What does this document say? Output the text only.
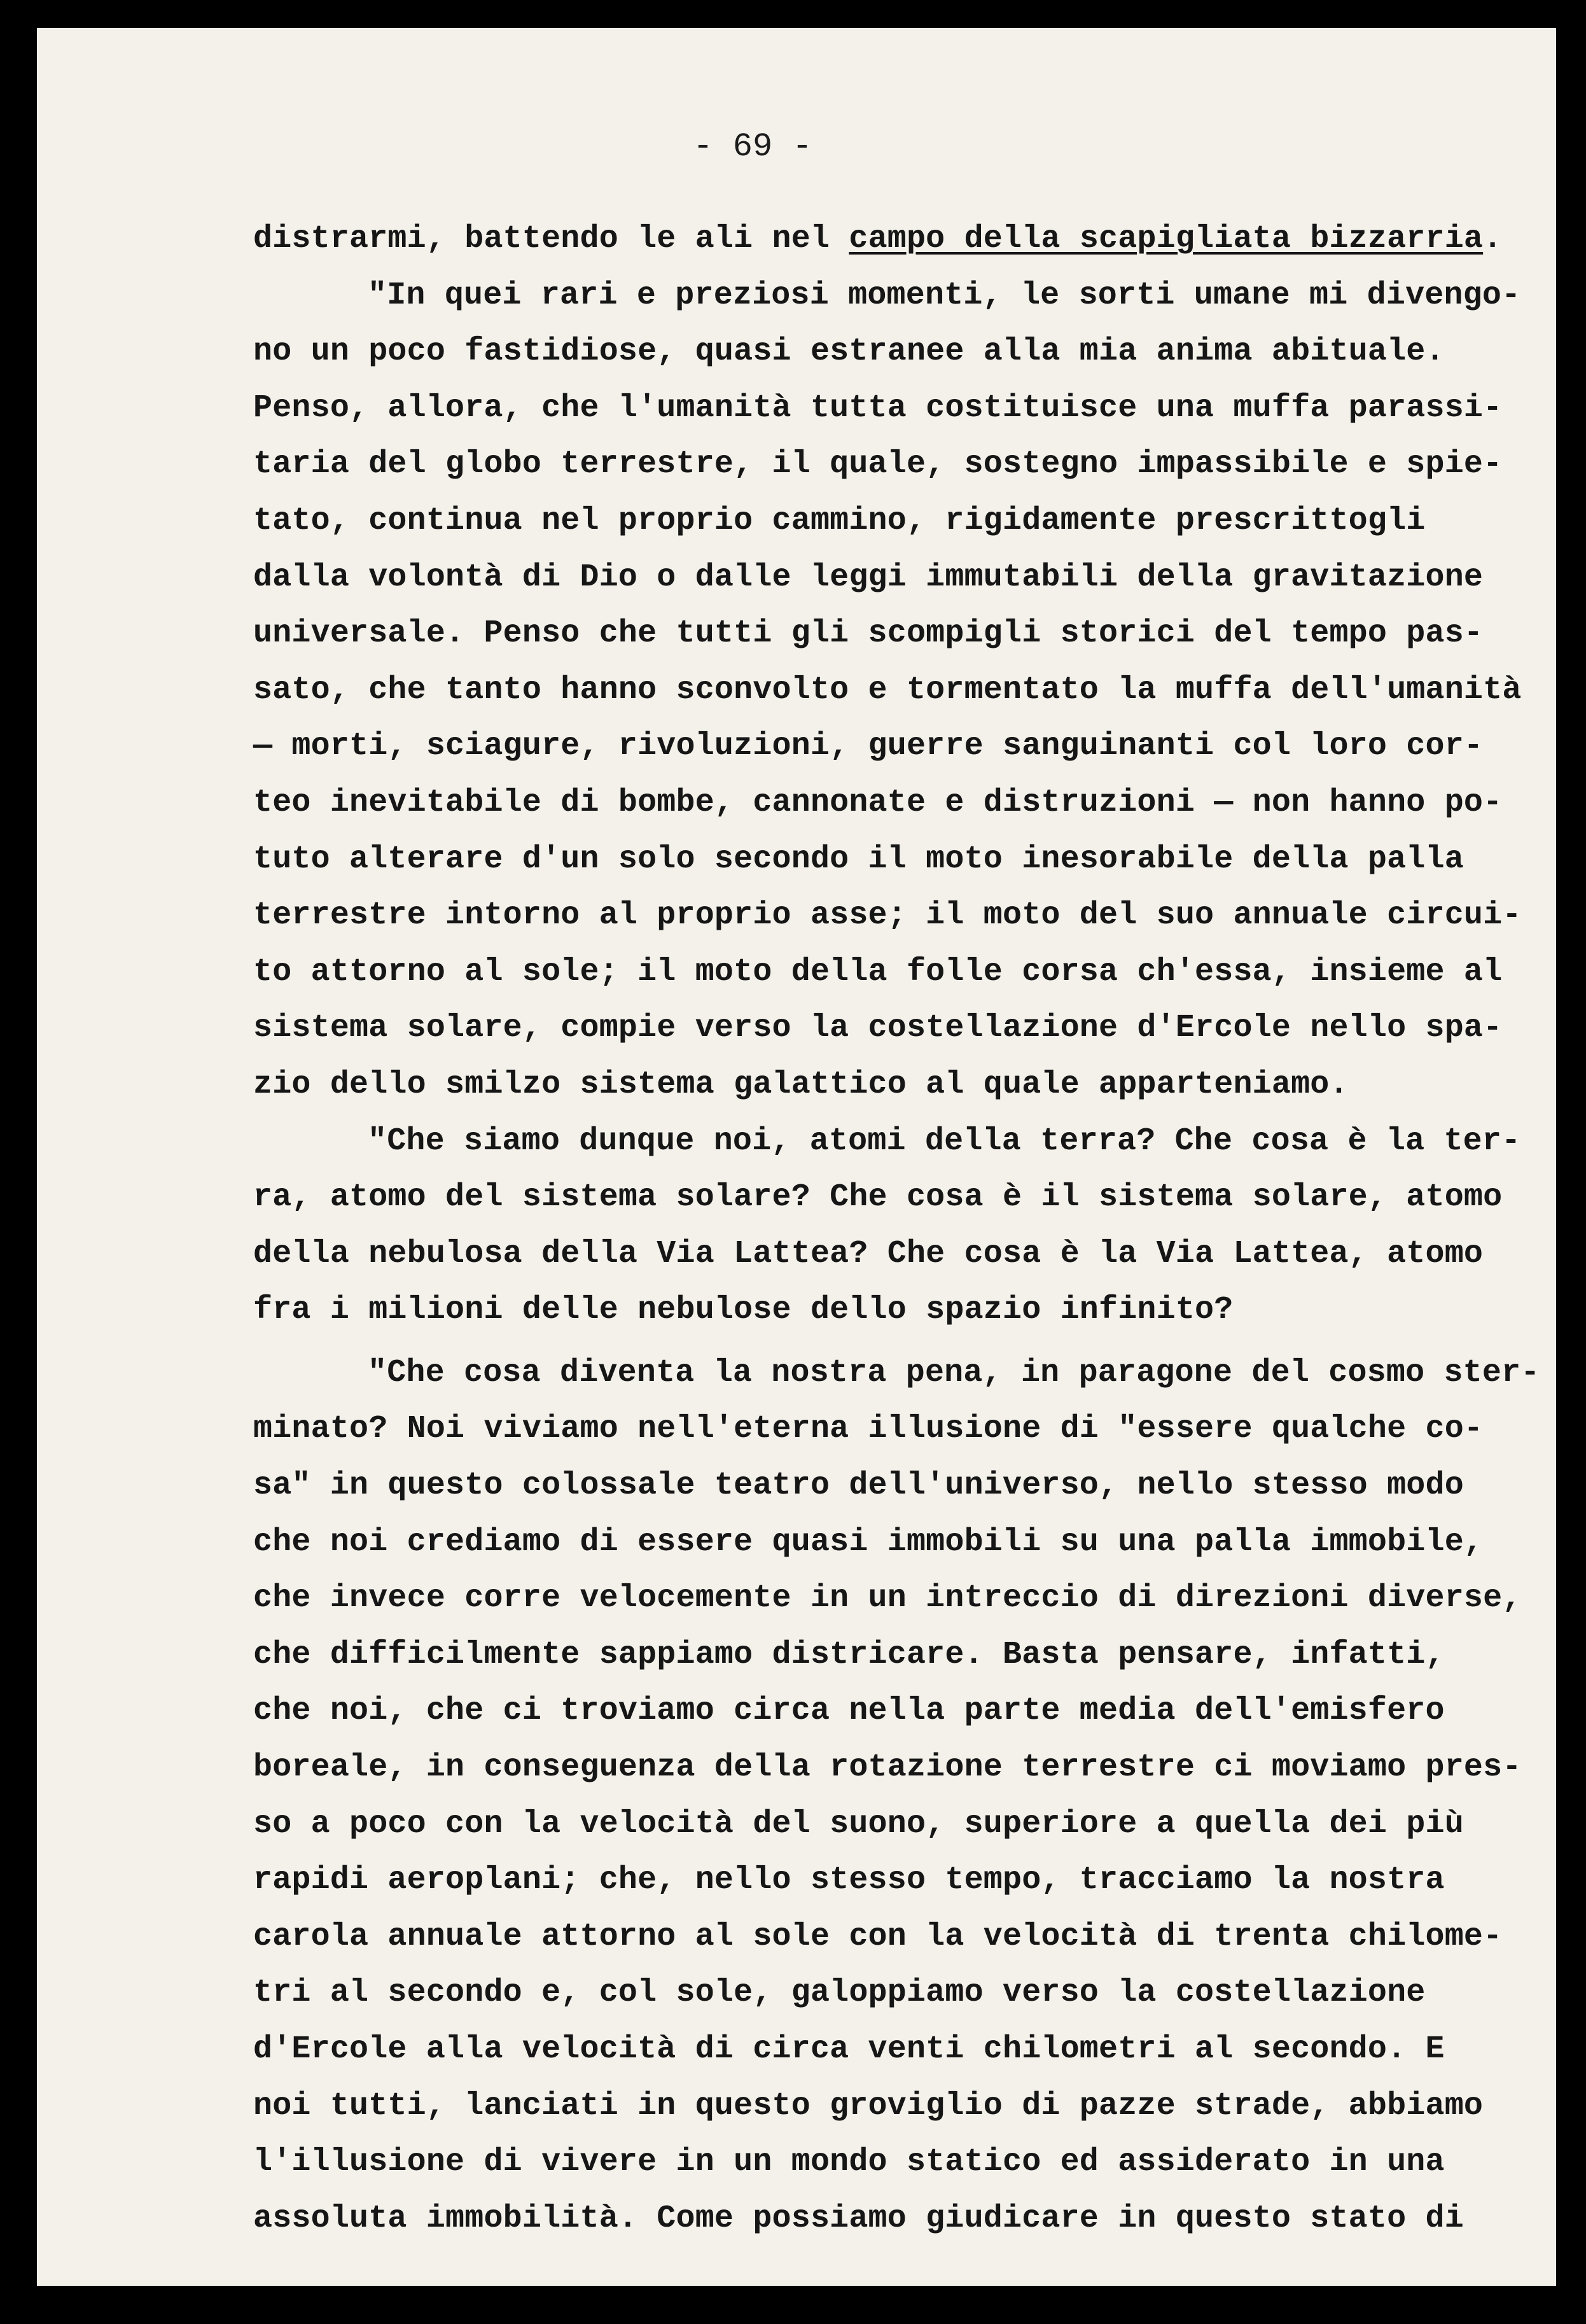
- 69 -
distrarmi, battendo le ali nel campo della scapigliata bizzarria.
"In quei rari e preziosi momenti, le sorti umane mi divengo-
no un poco fastidiose, quasi estranee alla mia anima abituale.
Penso, allora, che l'umanità tutta costituisce una muffa parassi-
taria del globo terrestre, il quale, sostegno impassibile e spie-
tato, continua nel proprio cammino, rigidamente prescrittogli
dalla volontà di Dio o dalle leggi immutabili della gravitazione
universale. Penso che tutti gli scompigli storici del tempo pas-
sato, che tanto hanno sconvolto e tormentato la muffa dell'umanità
— morti, sciagure, rivoluzioni, guerre sanguinanti col loro cor-
teo inevitabile di bombe, cannonate e distruzioni — non hanno po-
tuto alterare d'un solo secondo il moto inesorabile della palla
terrestre intorno al proprio asse; il moto del suo annuale circui-
to attorno al sole; il moto della folle corsa ch'essa, insieme al
sistema solare, compie verso la costellazione d'Ercole nello spa-
zio dello smilzo sistema galattico al quale apparteniamo.
"Che siamo dunque noi, atomi della terra? Che cosa è la ter-
ra, atomo del sistema solare? Che cosa è il sistema solare, atomo
della nebulosa della Via Lattea? Che cosa è la Via Lattea, atomo
fra i milioni delle nebulose dello spazio infinito?
"Che cosa diventa la nostra pena, in paragone del cosmo ster-
minato? Noi viviamo nell'eterna illusione di "essere qualche co-
sa" in questo colossale teatro dell'universo, nello stesso modo
che noi crediamo di essere quasi immobili su una palla immobile,
che invece corre velocemente in un intreccio di direzioni diverse,
che difficilmente sappiamo districare. Basta pensare, infatti,
che noi, che ci troviamo circa nella parte media dell'emisfero
boreale, in conseguenza della rotazione terrestre ci moviamo pres-
so a poco con la velocità del suono, superiore a quella dei più
rapidi aeroplani; che, nello stesso tempo, tracciamo la nostra
carola annuale attorno al sole con la velocità di trenta chilome-
tri al secondo e, col sole, galoppiamo verso la costellazione
d'Ercole alla velocità di circa venti chilometri al secondo. E
noi tutti, lanciati in questo groviglio di pazze strade, abbiamo
l'illusione di vivere in un mondo statico ed assiderato in una
assoluta immobilità. Come possiamo giudicare in questo stato di
